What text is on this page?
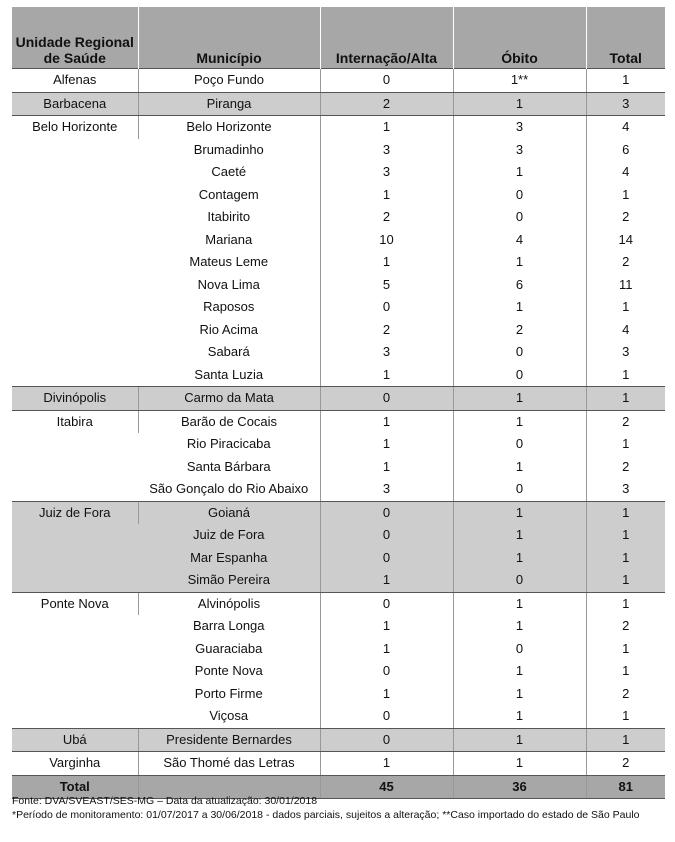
Unidade Regional de Saúde	Município	Internação/Alta	Óbito	Total
Alfenas	Poço Fundo	0	1**	1
Barbacena	Piranga	2	1	3
Belo Horizonte	Belo Horizonte	1	3	4
	Brumadinho	3	3	6
	Caeté	3	1	4
	Contagem	1	0	1
	Itabirito	2	0	2
	Mariana	10	4	14
	Mateus Leme	1	1	2
	Nova Lima	5	6	11
	Raposos	0	1	1
	Rio Acima	2	2	4
	Sabará	3	0	3
	Santa Luzia	1	0	1
Divinópolis	Carmo da Mata	0	1	1
Itabira	Barão de Cocais	1	1	2
	Rio Piracicaba	1	0	1
	Santa Bárbara	1	1	2
	São Gonçalo do Rio Abaixo	3	0	3
Juiz de Fora	Goianá	0	1	1
	Juiz de Fora	0	1	1
	Mar Espanha	0	1	1
	Simão Pereira	1	0	1
Ponte Nova	Alvinópolis	0	1	1
	Barra Longa	1	1	2
	Guaraciaba	1	0	1
	Ponte Nova	0	1	1
	Porto Firme	1	1	2
	Viçosa	0	1	1
Ubá	Presidente Bernardes	0	1	1
Varginha	São Thomé das Letras	1	1	2
Total		45	36	81
Fonte: DVA/SVEAST/SES-MG – Data da atualização: 30/01/2018
*Período de monitoramento: 01/07/2017 a 30/06/2018 - dados parciais, sujeitos a alteração; **Caso importado do estado de São Paulo
